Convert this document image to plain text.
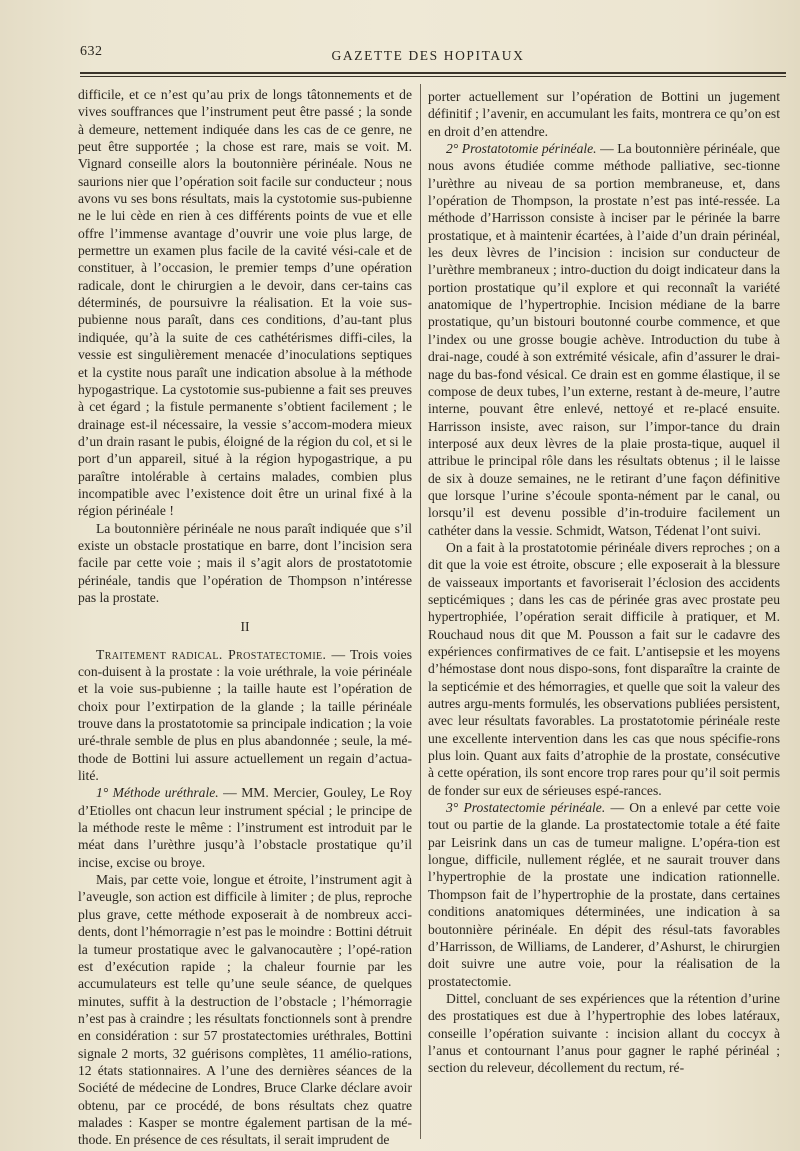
632	GAZETTE DES HOPITAUX

difficile, et ce n’est qu’au prix de longs tâtonnements et de vives souffrances que l’instrument peut être passé ; la sonde à demeure, nettement indiquée dans les cas de ce genre, ne peut être supportée ; la chose est rare, mais se voit. M. Vignard conseille alors la boutonnière périnéale. Nous ne saurions nier que l’opération soit facile sur conducteur ; nous avons vu ses bons résultats, mais la cystotomie sus-pubienne ne le lui cède en rien à ces différents points de vue et elle offre l’immense avantage d’ouvrir une voie plus large, de permettre un examen plus facile de la cavité vési-cale et de constituer, à l’occasion, le premier temps d’une opération radicale, dont le chirurgien a le devoir, dans cer-tains cas déterminés, de poursuivre la réalisation. Et la voie sus-pubienne nous paraît, dans ces conditions, d’au-tant plus indiquée, qu’à la suite de ces cathétérismes diffi-ciles, la vessie est singulièrement menacée d’inoculations septiques et la cystite nous paraît une indication absolue à la méthode hypogastrique. La cystotomie sus-pubienne a fait ses preuves à cet égard ; la fistule permanente s’obtient facilement ; le drainage est-il nécessaire, la vessie s’accom-modera mieux d’un drain rasant le pubis, éloigné de la région du col, et si le port d’un appareil, situé à la région hypogastrique, a pu paraître intolérable à certains malades, combien plus incompatible avec l’existence doit être un urinal fixé à la région périnéale !

La boutonnière périnéale ne nous paraît indiquée que s’il existe un obstacle prostatique en barre, dont l’incision sera facile par cette voie ; mais il s’agit alors de prostatotomie périnéale, tandis que l’opération de Thompson n’intéresse pas la prostate.

II

Traitement radical. Prostatectomie. — Trois voies con-duisent à la prostate : la voie uréthrale, la voie périnéale et la voie sus-pubienne ; la taille haute est l’opération de choix pour l’extirpation de la glande ; la taille périnéale trouve dans la prostatotomie sa principale indication ; la voie uré-thrale semble de plus en plus abandonnée ; seule, la mé-thode de Bottini lui assure actuellement un regain d’actua-lité.

1° Méthode uréthrale. — MM. Mercier, Gouley, Le Roy d’Etiolles ont chacun leur instrument spécial ; le principe de la méthode reste le même : l’instrument est introduit par le méat dans l’urèthre jusqu’à l’obstacle prostatique qu’il incise, excise ou broye.

Mais, par cette voie, longue et étroite, l’instrument agit à l’aveugle, son action est difficile à limiter ; de plus, reproche plus grave, cette méthode exposerait à de nombreux acci-dents, dont l’hémorragie n’est pas le moindre : Bottini détruit la tumeur prostatique avec le galvanocautère ; l’opé-ration est d’exécution rapide ; la chaleur fournie par les accumulateurs est telle qu’une seule séance, de quelques minutes, suffit à la destruction de l’obstacle ; l’hémorragie n’est pas à craindre ; les résultats fonctionnels sont à prendre en considération : sur 57 prostatectomies uréthrales, Bottini signale 2 morts, 32 guérisons complètes, 11 amélio-rations, 12 états stationnaires. A l’une des dernières séances de la Société de médecine de Londres, Bruce Clarke déclare avoir obtenu, par ce procédé, de bons résultats chez quatre malades : Kasper se montre également partisan de la mé-thode. En présence de ces résultats, il serait imprudent de

porter actuellement sur l’opération de Bottini un jugement définitif ; l’avenir, en accumulant les faits, montrera ce qu’on est en droit d’en attendre.

2° Prostatotomie périnéale. — La boutonnière périnéale, que nous avons étudiée comme méthode palliative, sec-tionne l’urèthre au niveau de sa portion membraneuse, et, dans l’opération de Thompson, la prostate n’est pas inté-ressée. La méthode d’Harrisson consiste à inciser par le périnée la barre prostatique, et à maintenir écartées, à l’aide d’un drain périnéal, les deux lèvres de l’incision : incision sur conducteur de l’urèthre membraneux ; intro-duction du doigt indicateur dans la portion prostatique qu’il explore et qui reconnaît la variété anatomique de l’hypertrophie. Incision médiane de la barre prostatique, qu’un bistouri boutonné courbe commence, et que l’index ou une grosse bougie achève. Introduction du tube à drai-nage, coudé à son extrémité vésicale, afin d’assurer le drai-nage du bas-fond vésical. Ce drain est en gomme élastique, il se compose de deux tubes, l’un externe, restant à de-meure, l’autre interne, pouvant être enlevé, nettoyé et re-placé ensuite. Harrisson insiste, avec raison, sur l’impor-tance du drain interposé aux deux lèvres de la plaie prosta-tique, auquel il attribue le principal rôle dans les résultats obtenus ; il le laisse de six à douze semaines, ne le retirant d’une façon définitive que lorsque l’urine s’écoule sponta-nément par le canal, ou lorsqu’il est devenu possible d’in-troduire facilement un cathéter dans la vessie. Schmidt, Watson, Tédenat l’ont suivi.

On a fait à la prostatotomie périnéale divers reproches ; on a dit que la voie est étroite, obscure ; elle exposerait à la blessure de vaisseaux importants et favoriserait l’éclosion des accidents septicémiques ; dans les cas de périnée gras avec prostate peu hypertrophiée, l’opération serait difficile à pratiquer, et M. Rouchaud nous dit que M. Pousson a fait sur le cadavre des expériences confirmatives de ce fait. L’antisepsie et les moyens d’hémostase dont nous dispo-sons, font disparaître la crainte de la septicémie et des hémorragies, et quelle que soit la valeur des autres argu-ments formulés, les observations publiées persistent, avec leur résultats favorables. La prostatotomie périnéale reste une excellente intervention dans les cas que nous spécifie-rons plus loin. Quant aux faits d’atrophie de la prostate, consécutive à cette opération, ils sont encore trop rares pour qu’il soit permis de fonder sur eux de sérieuses espé-rances.

3° Prostatectomie périnéale. — On a enlevé par cette voie tout ou partie de la glande. La prostatectomie totale a été faite par Leisrink dans un cas de tumeur maligne. L’opéra-tion est longue, difficile, nullement réglée, et ne saurait trouver dans l’hypertrophie de la prostate une indication rationnelle. Thompson fait de l’hypertrophie de la prostate, dans certaines conditions anatomiques déterminées, une indication à sa boutonnière périnéale. En dépit des résul-tats favorables d’Harrisson, de Williams, de Landerer, d’Ashurst, le chirurgien doit suivre une autre voie, pour la réalisation de la prostatectomie.

Dittel, concluant de ses expériences que la rétention d’urine des prostatiques est due à l’hypertrophie des lobes latéraux, conseille l’opération suivante : incision allant du coccyx à l’anus et contournant l’anus pour gagner le raphé périnéal ; section du releveur, décollement du rectum, ré-
